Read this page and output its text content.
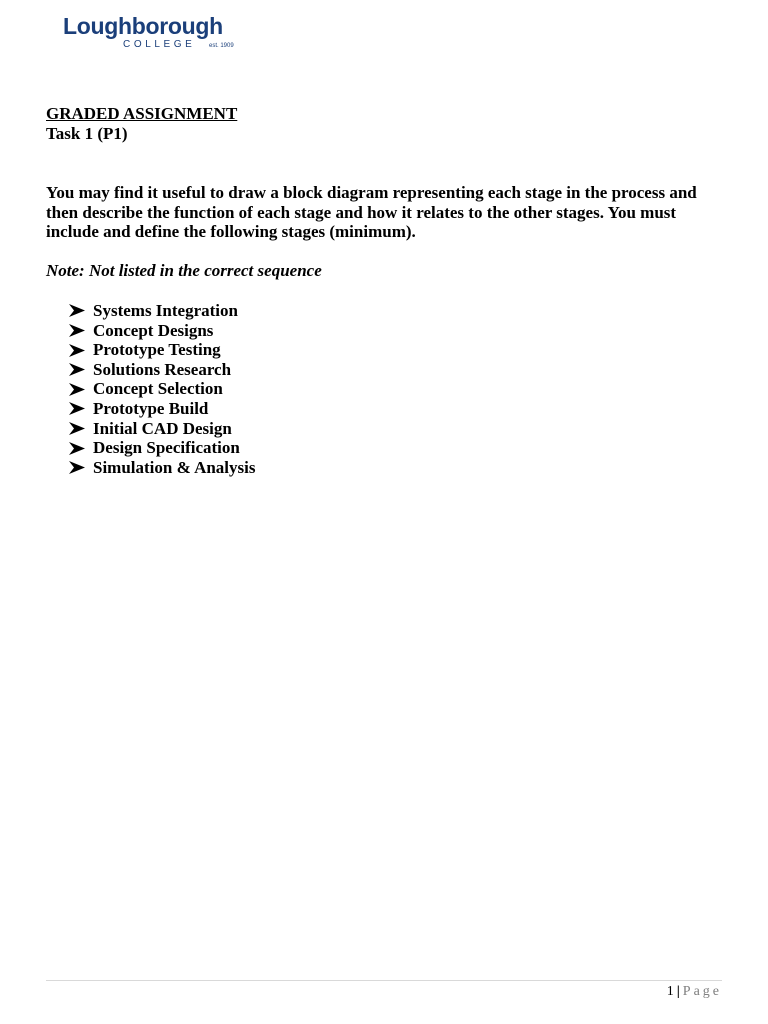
Loughborough
COLLEGE est. 1909

GRADED ASSIGNMENT

Task 1 (P1)

You may find it useful to draw a block diagram representing each stage in the process and then describe the function of each stage and how it relates to the other stages. You must include and define the following stages (minimum).

Note: Not listed in the correct sequence

Systems Integration
Concept Designs
Prototype Testing
Solutions Research
Concept Selection
Prototype Build
Initial CAD Design
Design Specification
Simulation & Analysis
1 | Page
